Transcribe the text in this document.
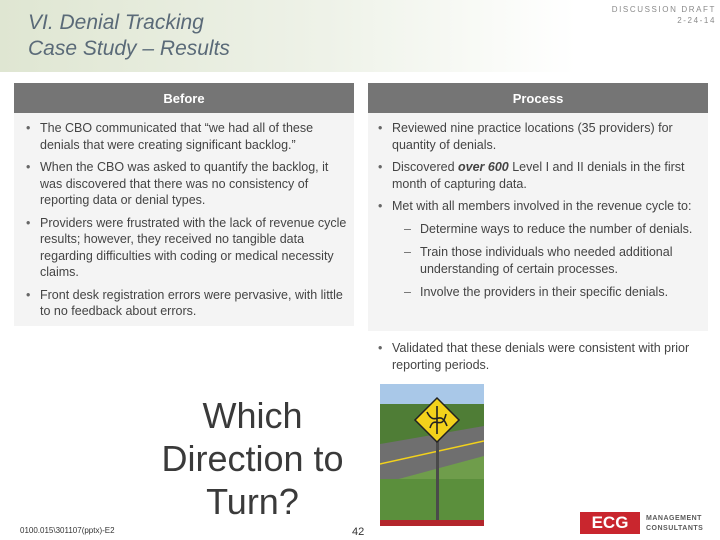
VI. Denial Tracking
Case Study – Results
DISCUSSION DRAFT
2-24-14
Before	Process
• The CBO communicated that “we had all of these denials that were creating significant backlog.”
• When the CBO was asked to quantify the backlog, it was discovered that there was no consistency of reporting data or denial types.
• Providers were frustrated with the lack of revenue cycle results; however, they received no tangible data regarding difficulties with coding or medical necessity claims.
• Front desk registration errors were pervasive, with little to no feedback about errors.
• Reviewed nine practice locations (35 providers) for quantity of denials.
• Discovered over 600 Level I and II denials in the first month of capturing data.
• Met with all members involved in the revenue cycle to:
– Determine ways to reduce the number of denials.
– Train those individuals who needed additional understanding of certain processes.
– Involve the providers in their specific denials.
• Validated that these denials were consistent with prior reporting periods.
Which
Direction to
Turn?
0100.015\301107(pptx)-E2	42	ECG	MANAGEMENT
CONSULTANTS
